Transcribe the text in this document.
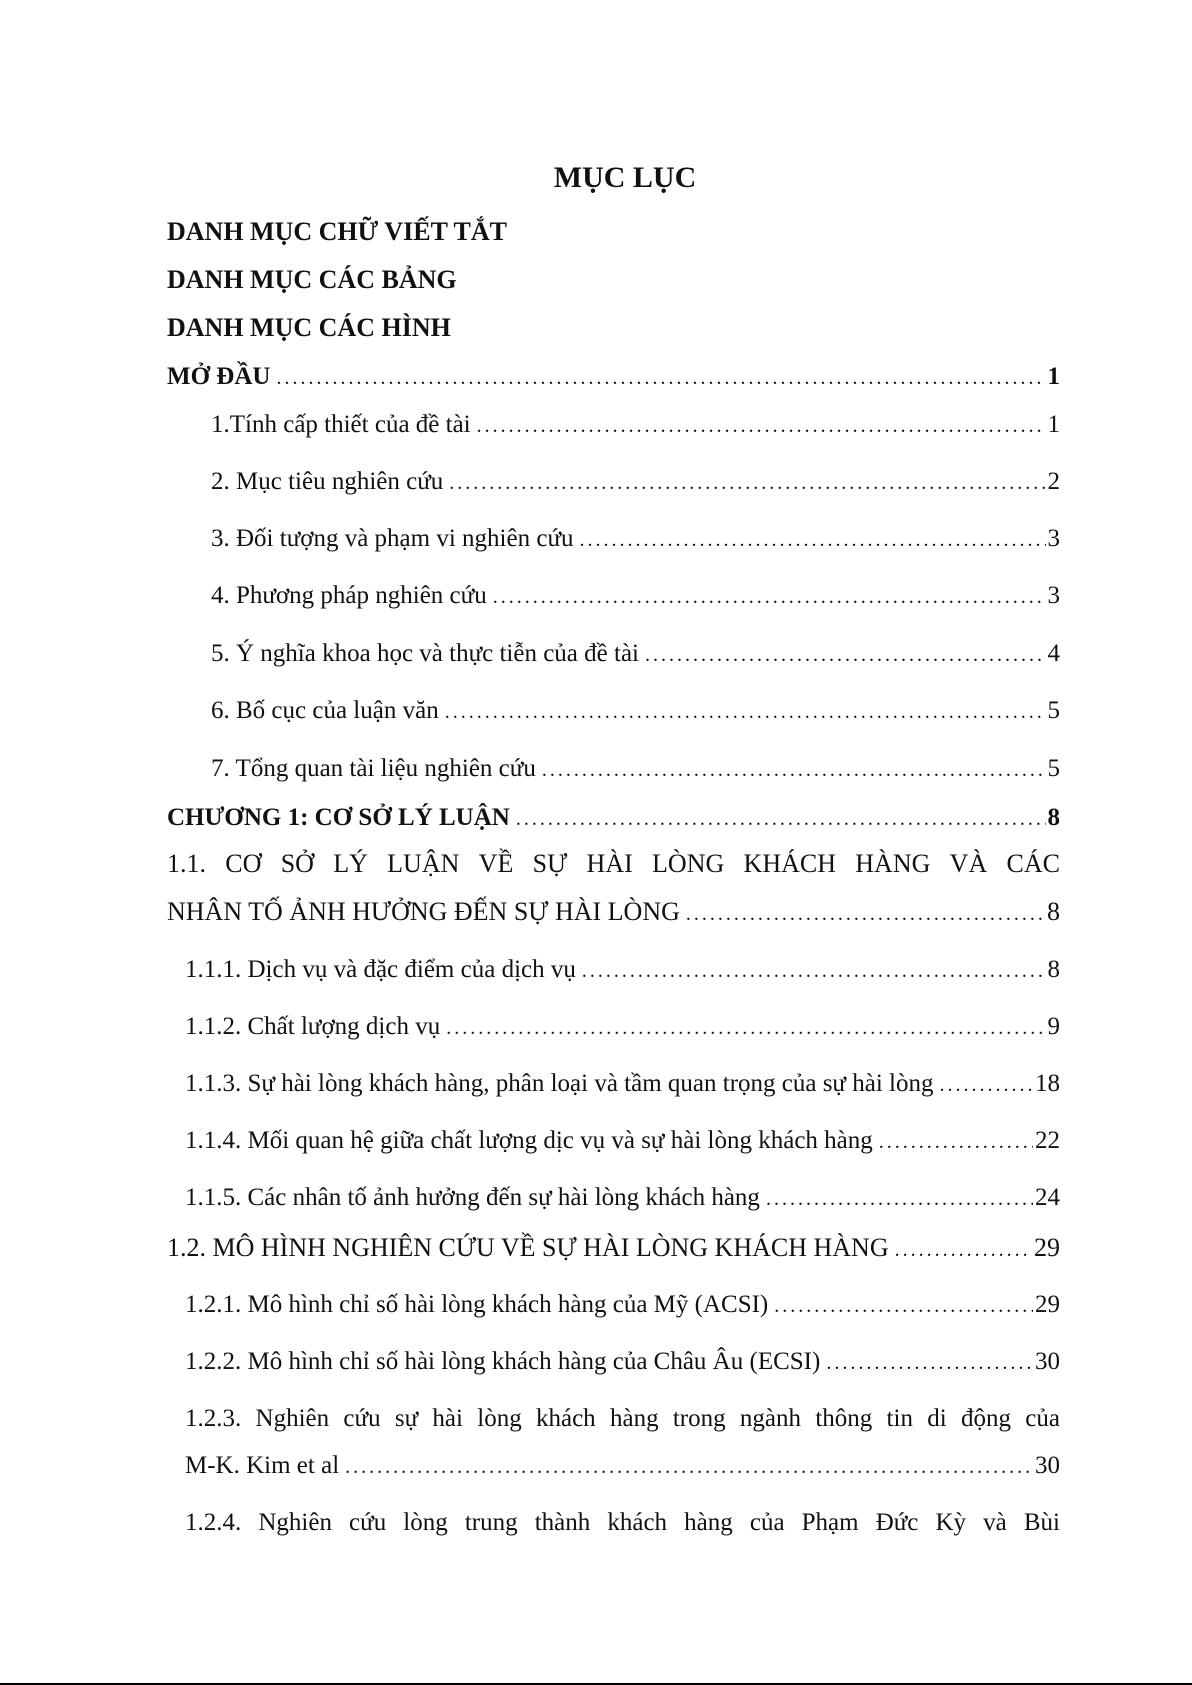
MỤC LỤC
DANH MỤC CHỮ VIẾT TẮT
DANH MỤC CÁC BẢNG
DANH MỤC CÁC HÌNH
MỞ ĐẦU . . .	1
1.Tính cấp thiết của đề tài . . .	1
2. Mục tiêu nghiên cứu . . .	2
3. Đối tượng và phạm vi nghiên cứu . . .	3
4. Phương pháp nghiên cứu . . .	3
5. Ý nghĩa khoa học và thực tiễn của đề tài . . .	4
6. Bố cục của luận văn . . .	5
7. Tổng quan tài liệu nghiên cứu . . .	5
CHƯƠNG 1: CƠ SỞ LÝ LUẬN . . .	8
1.1. CƠ SỞ LÝ LUẬN VỀ SỰ HÀI LÒNG KHÁCH HÀNG VÀ CÁC
NHÂN TỐ ẢNH HƯỞNG ĐẾN SỰ HÀI LÒNG . . .	8
1.1.1. Dịch vụ và đặc điểm của dịch vụ . . .	8
1.1.2. Chất lượng dịch vụ . . .	9
1.1.3. Sự hài lòng khách hàng, phân loại và tầm quan trọng của sự hài lòng . . .	18
1.1.4. Mối quan hệ giữa chất lượng dịc vụ và sự hài lòng khách hàng . . .	22
1.1.5. Các nhân tố ảnh hưởng đến sự hài lòng khách hàng . . .	24
1.2. MÔ HÌNH NGHIÊN CỨU VỀ SỰ HÀI LÒNG KHÁCH HÀNG . . .	29
1.2.1. Mô hình chỉ số hài lòng khách hàng của Mỹ (ACSI) . . .	29
1.2.2. Mô hình chỉ số hài lòng khách hàng của Châu Âu (ECSI) . . .	30
1.2.3. Nghiên cứu sự hài lòng khách hàng trong ngành thông tin di động của
M-K. Kim et al . . .	30
1.2.4. Nghiên cứu lòng trung thành khách hàng của Phạm Đức Kỳ và Bùi
